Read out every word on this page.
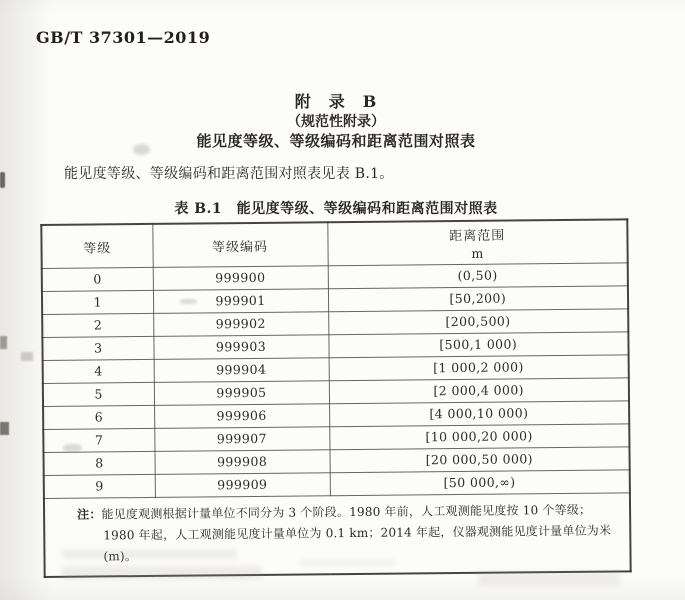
GB/T 37301—2019
附　录　B
（规范性附录）
能见度等级、等级编码和距离范围对照表
能见度等级、等级编码和距离范围对照表见表 B.1。
表 B.1　能见度等级、等级编码和距离范围对照表
等级	等级编码	距离范围
m

0	999900	(0,50)
1	999901	[50,200)
2	999902	[200,500)
3	999903	[500,1 000)
4	999904	[1 000,2 000)
5	999905	[2 000,4 000)
6	999906	[4 000,10 000)
7	999907	[10 000,20 000)
8	999908	[20 000,50 000)
9	999909	[50 000,∞)

注：能见度观测根据计量单位不同分为 3 个阶段。1980 年前，人工观测能见度按 10 个等级；1980 年起，人工观测能见度计量单位为 0.1 km；2014 年起，仪器观测能见度计量单位为米(m)。		
